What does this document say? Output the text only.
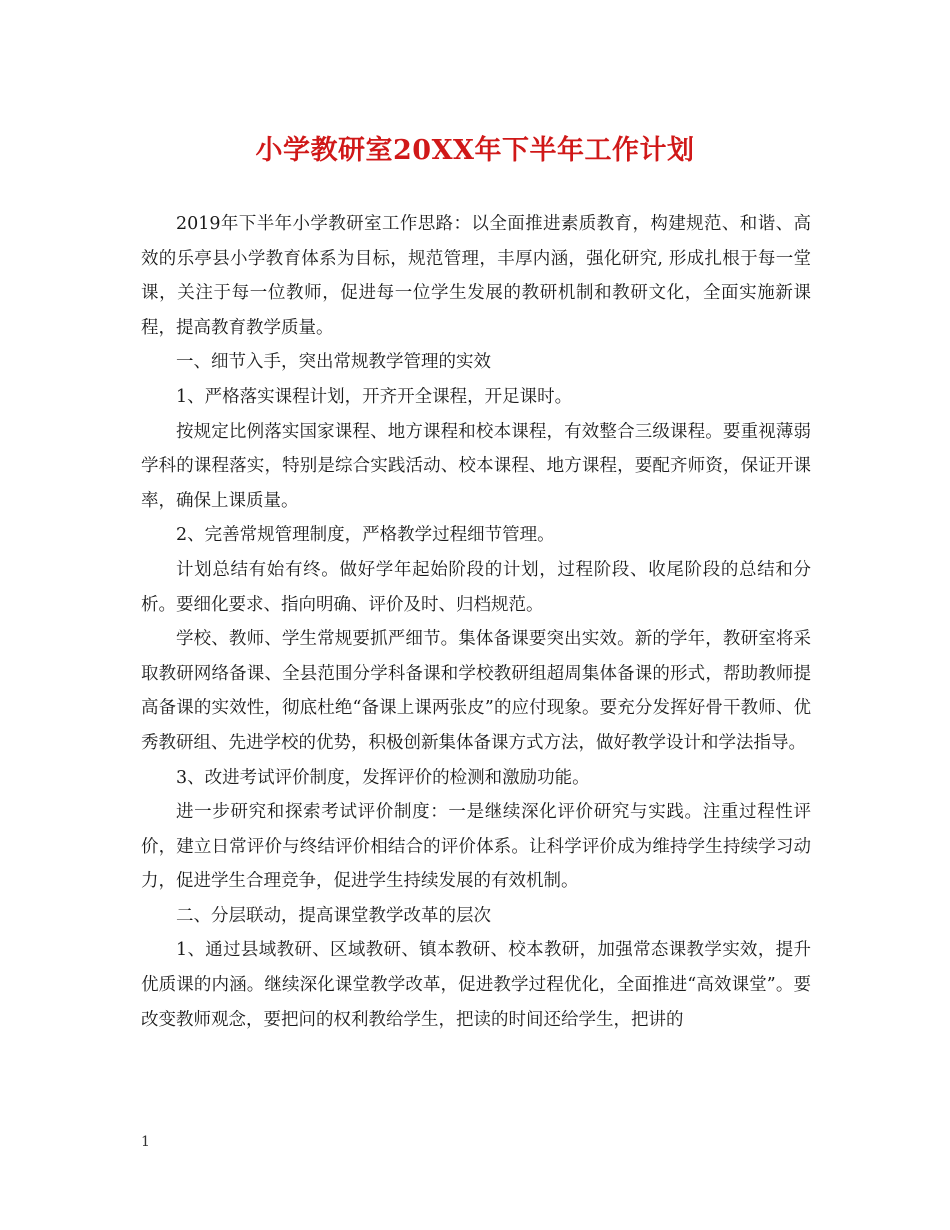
小学教研室20XX年下半年工作计划

2019年下半年小学教研室工作思路：以全面推进素质教育，构建规范、和谐、高效的乐亭县小学教育体系为目标，规范管理，丰厚内涵，强化研究, 形成扎根于每一堂课，关注于每一位教师，促进每一位学生发展的教研机制和教研文化，全面实施新课程，提高教育教学质量。

一、细节入手，突出常规教学管理的实效

1、严格落实课程计划，开齐开全课程，开足课时。

按规定比例落实国家课程、地方课程和校本课程，有效整合三级课程。要重视薄弱学科的课程落实，特别是综合实践活动、校本课程、地方课程，要配齐师资，保证开课率，确保上课质量。

2、完善常规管理制度，严格教学过程细节管理。

计划总结有始有终。做好学年起始阶段的计划，过程阶段、收尾阶段的总结和分析。要细化要求、指向明确、评价及时、归档规范。

学校、教师、学生常规要抓严细节。集体备课要突出实效。新的学年，教研室将采取教研网络备课、全县范围分学科备课和学校教研组超周集体备课的形式，帮助教师提高备课的实效性，彻底杜绝“备课上课两张皮”的应付现象。要充分发挥好骨干教师、优秀教研组、先进学校的优势，积极创新集体备课方式方法，做好教学设计和学法指导。

3、改进考试评价制度，发挥评价的检测和激励功能。

进一步研究和探索考试评价制度：一是继续深化评价研究与实践。注重过程性评价，建立日常评价与终结评价相结合的评价体系。让科学评价成为维持学生持续学习动力，促进学生合理竞争，促进学生持续发展的有效机制。

二、分层联动，提高课堂教学改革的层次

1、通过县域教研、区域教研、镇本教研、校本教研，加强常态课教学实效，提升优质课的内涵。继续深化课堂教学改革，促进教学过程优化，全面推进“高效课堂”。要改变教师观念，要把问的权利教给学生，把读的时间还给学生，把讲的

1
